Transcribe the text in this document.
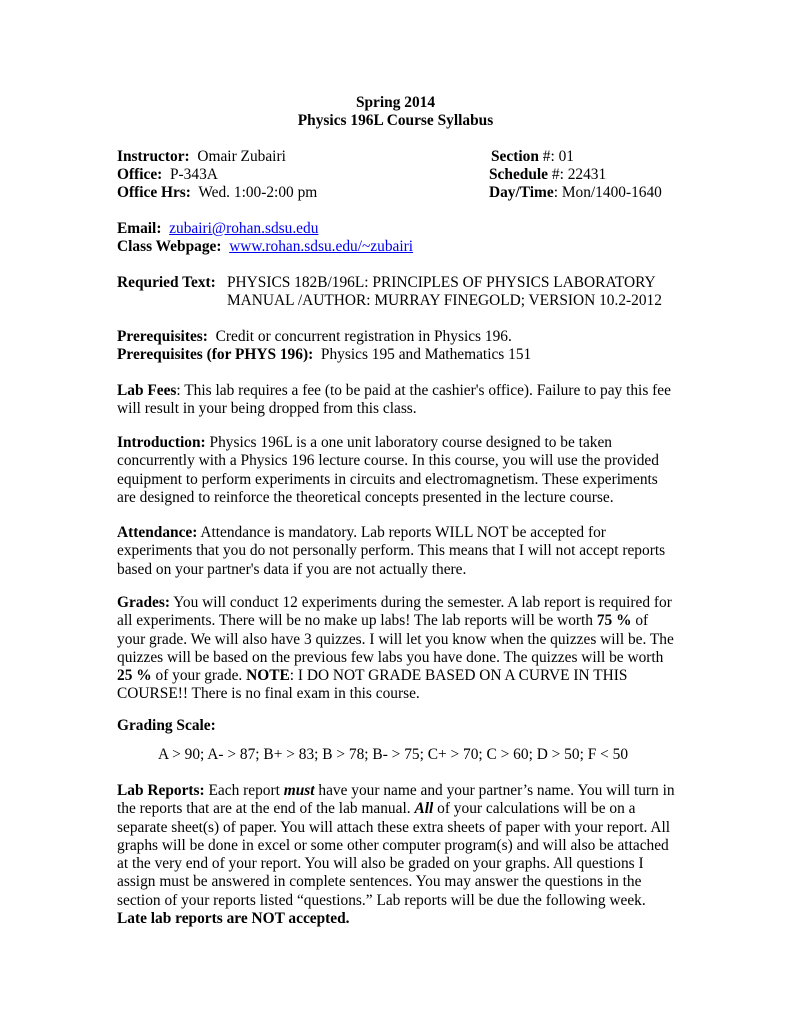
Spring 2014
Physics 196L Course Syllabus
Instructor: Omair Zubairi
Office: P-343A
Office Hrs: Wed. 1:00-2:00 pm
Section #: 01
Schedule #: 22431
Day/Time: Mon/1400-1640
Email: zubairi@rohan.sdsu.edu
Class Webpage: www.rohan.sdsu.edu/~zubairi
Requried Text: PHYSICS 182B/196L: PRINCIPLES OF PHYSICS LABORATORY
MANUAL /AUTHOR: MURRAY FINEGOLD; VERSION 10.2-2012
Prerequisites: Credit or concurrent registration in Physics 196.
Prerequisites (for PHYS 196): Physics 195 and Mathematics 151
Lab Fees: This lab requires a fee (to be paid at the cashier's office). Failure to pay this fee will result in your being dropped from this class.
Introduction: Physics 196L is a one unit laboratory course designed to be taken concurrently with a Physics 196 lecture course. In this course, you will use the provided equipment to perform experiments in circuits and electromagnetism. These experiments are designed to reinforce the theoretical concepts presented in the lecture course.
Attendance: Attendance is mandatory. Lab reports WILL NOT be accepted for experiments that you do not personally perform. This means that I will not accept reports based on your partner's data if you are not actually there.
Grades: You will conduct 12 experiments during the semester. A lab report is required for all experiments. There will be no make up labs! The lab reports will be worth 75 % of your grade. We will also have 3 quizzes. I will let you know when the quizzes will be. The quizzes will be based on the previous few labs you have done. The quizzes will be worth 25 % of your grade. NOTE: I DO NOT GRADE BASED ON A CURVE IN THIS COURSE!! There is no final exam in this course.
Grading Scale:
A > 90; A- > 87; B+ > 83; B > 78; B- > 75; C+ > 70; C > 60; D > 50; F < 50
Lab Reports: Each report must have your name and your partner’s name. You will turn in the reports that are at the end of the lab manual. All of your calculations will be on a separate sheet(s) of paper. You will attach these extra sheets of paper with your report. All graphs will be done in excel or some other computer program(s) and will also be attached at the very end of your report. You will also be graded on your graphs. All questions I assign must be answered in complete sentences. You may answer the questions in the section of your reports listed “questions.” Lab reports will be due the following week. Late lab reports are NOT accepted.
